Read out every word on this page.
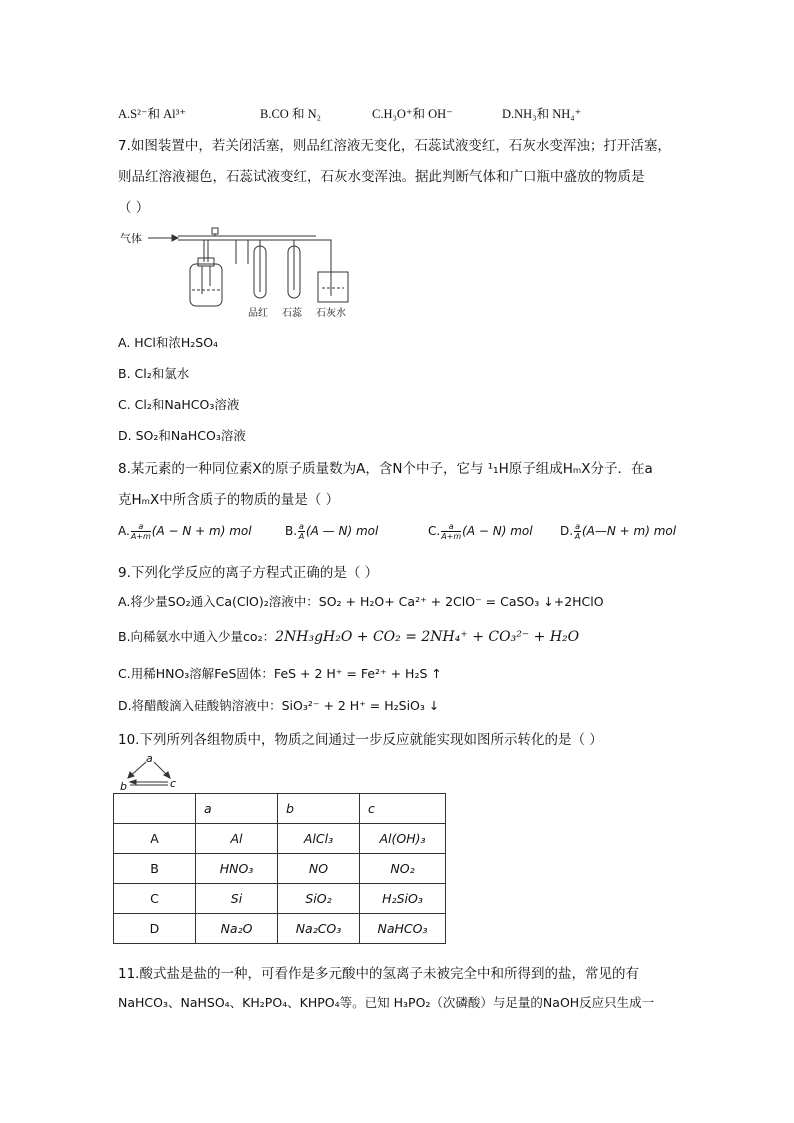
A.S²⁻和 Al³⁺	B.CO 和 N₂	C.H₃O⁺和 OH⁻	D.NH₃和 NH₄⁺
7.如图装置中，若关闭活塞，则品红溶液无变化，石蕊试液变红，石灰水变浑浊；打开活塞，
则品红溶液褪色，石蕊试液变红，石灰水变浑浊。据此判断气体和广口瓶中盛放的物质是
（ ）
气体
品红 石蕊 石灰水
A. HCl和浓H₂SO₄
B. Cl₂和氯水
C. Cl₂和NaHCO₃溶液
D. SO₂和NaHCO₃溶液
8.某元素的一种同位素X的原子质量数为A，含N个中子，它与 ¹₁H原子组成HₘX分子．在a
克HₘX中所含质子的物质的量是（ ）
A. $\frac{a}{A+m} (A - N + m)$ mol	B. $\frac{a}{A} (A$ — N) mol	C. $\frac{a}{A+m} (A - N)$ mol D. $\frac{a}{A}$ (A—N + m) mol
9.下列化学反应的离子方程式正确的是（ ）
A.将少量SO₂通入Ca(ClO)₂溶液中：SO₂ + H₂O+ Ca²⁺ + 2ClO⁻ = CaSO₃ ↓+2HClO
B.向稀氨水中通入少量co₂：2NH₃gH₂O + CO₂ = 2NH₄⁺ + CO₃²⁻ + H₂O
C.用稀HNO₃溶解FeS固体：FeS + 2 H⁺ = Fe²⁺ + H₂S ↑
D.将醋酸滴入硅酸钠溶液中：SiO₃²⁻ + 2 H⁺ = H₂SiO₃ ↓
10.下列所列各组物质中，物质之间通过一步反应就能实现如图所示转化的是（ ）
a
b	c
	a	b	c
A	Al	AlCl₃	Al(OH)₃
B	HNO₃	NO	NO₂
C	Si	SiO₂	H₂SiO₃
D	Na₂O	Na₂CO₃	NaHCO₃
11.酸式盐是盐的一种，可看作是多元酸中的氢离子未被完全中和所得到的盐，常见的有
NaHCO₃、NaHSO₄、KH₂PO₄、KHPO₄等。已知 H₃PO₂（次磷酸）与足量的NaOH反应只生成一
